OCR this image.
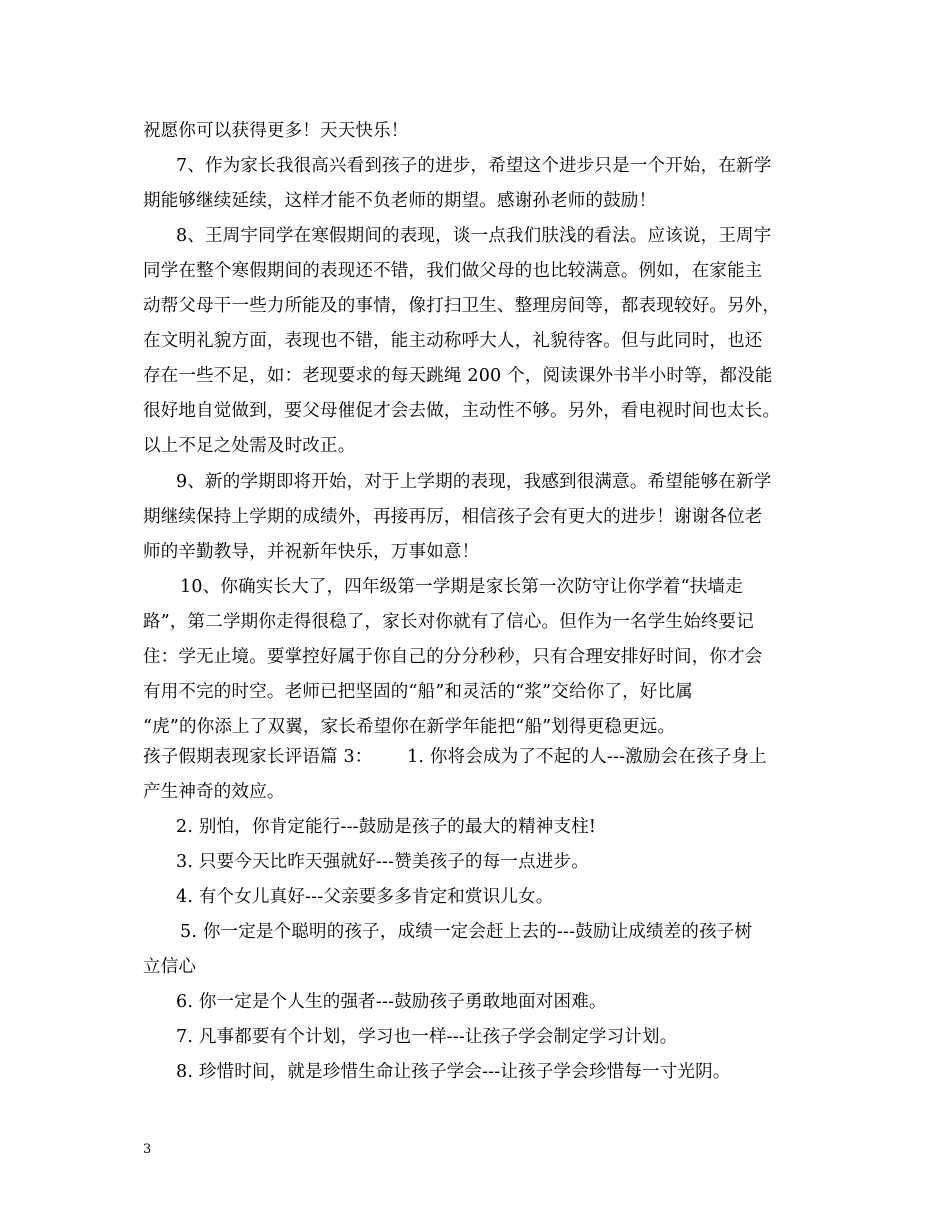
祝愿你可以获得更多！天天快乐！
7、作为家长我很高兴看到孩子的进步，希望这个进步只是一个开始，在新学
期能够继续延续，这样才能不负老师的期望。感谢孙老师的鼓励！
8、王周宇同学在寒假期间的表现，谈一点我们肤浅的看法。应该说，王周宇
同学在整个寒假期间的表现还不错，我们做父母的也比较满意。例如，在家能主
动帮父母干一些力所能及的事情，像打扫卫生、整理房间等，都表现较好。另外，
在文明礼貌方面，表现也不错，能主动称呼大人，礼貌待客。但与此同时，也还
存在一些不足，如：老现要求的每天跳绳 200 个，阅读课外书半小时等，都没能
很好地自觉做到，要父母催促才会去做，主动性不够。另外，看电视时间也太长。
以上不足之处需及时改正。
9、新的学期即将开始，对于上学期的表现，我感到很满意。希望能够在新学
期继续保持上学期的成绩外，再接再厉，相信孩子会有更大的进步！谢谢各位老
师的辛勤教导，并祝新年快乐，万事如意！
10、你确实长大了，四年级第一学期是家长第一次防守让你学着“扶墙走
路”，第二学期你走得很稳了，家长对你就有了信心。但作为一名学生始终要记
住：学无止境。要掌控好属于你自己的分分秒秒，只有合理安排好时间，你才会
有用不完的时空。老师已把坚固的“船”和灵活的“浆”交给你了，好比属
“虎”的你添上了双翼，家长希望你在新学年能把“船”划得更稳更远。
孩子假期表现家长评语篇 3：      1. 你将会成为了不起的人---激励会在孩子身上
产生神奇的效应。
2. 别怕，你肯定能行---鼓励是孩子的最大的精神支柱!
3. 只要今天比昨天强就好---赞美孩子的每一点进步。
4. 有个女儿真好---父亲要多多肯定和赏识儿女。
5. 你一定是个聪明的孩子，成绩一定会赶上去的---鼓励让成绩差的孩子树
立信心
6. 你一定是个人生的强者---鼓励孩子勇敢地面对困难。
7. 凡事都要有个计划，学习也一样---让孩子学会制定学习计划。
8. 珍惜时间，就是珍惜生命让孩子学会---让孩子学会珍惜每一寸光阴。
3
